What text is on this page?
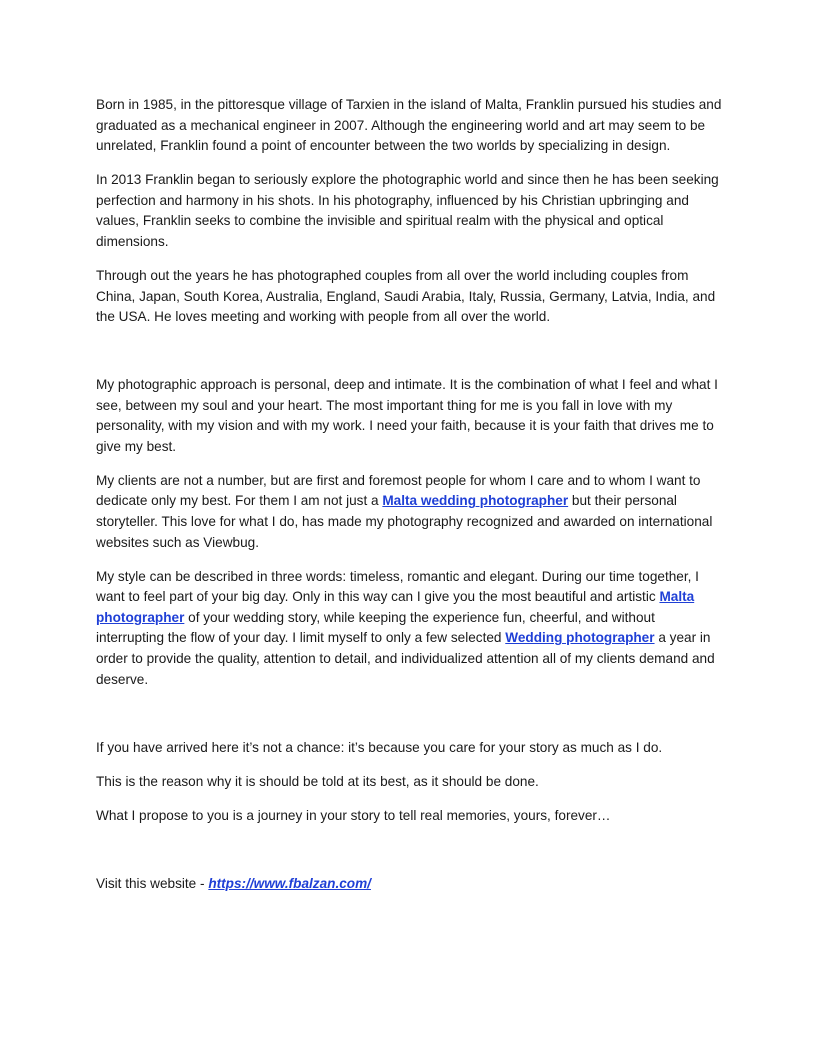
Born in 1985, in the pittoresque village of Tarxien in the island of Malta, Franklin pursued his studies and graduated as a mechanical engineer in 2007. Although the engineering world and art may seem to be unrelated, Franklin found a point of encounter between the two worlds by specializing in design.

In 2013 Franklin began to seriously explore the photographic world and since then he has been seeking perfection and harmony in his shots. In his photography, influenced by his Christian upbringing and values, Franklin seeks to combine the invisible and spiritual realm with the physical and optical dimensions.

Through out the years he has photographed couples from all over the world including couples from China, Japan, South Korea, Australia, England, Saudi Arabia, Italy, Russia, Germany, Latvia, India, and the USA. He loves meeting and working with people from all over the world.

My photographic approach is personal, deep and intimate. It is the combination of what I feel and what I see, between my soul and your heart. The most important thing for me is you fall in love with my personality, with my vision and with my work. I need your faith, because it is your faith that drives me to give my best.

My clients are not a number, but are first and foremost people for whom I care and to whom I want to dedicate only my best. For them I am not just a Malta wedding photographer but their personal storyteller. This love for what I do, has made my photography recognized and awarded on international websites such as Viewbug.

My style can be described in three words: timeless, romantic and elegant. During our time together, I want to feel part of your big day. Only in this way can I give you the most beautiful and artistic Malta photographer of your wedding story, while keeping the experience fun, cheerful, and without interrupting the flow of your day. I limit myself to only a few selected Wedding photographer a year in order to provide the quality, attention to detail, and individualized attention all of my clients demand and deserve.

If you have arrived here it’s not a chance: it’s because you care for your story as much as I do.

This is the reason why it is should be told at its best, as it should be done.

What I propose to you is a journey in your story to tell real memories, yours, forever…

Visit this website - https://www.fbalzan.com/
